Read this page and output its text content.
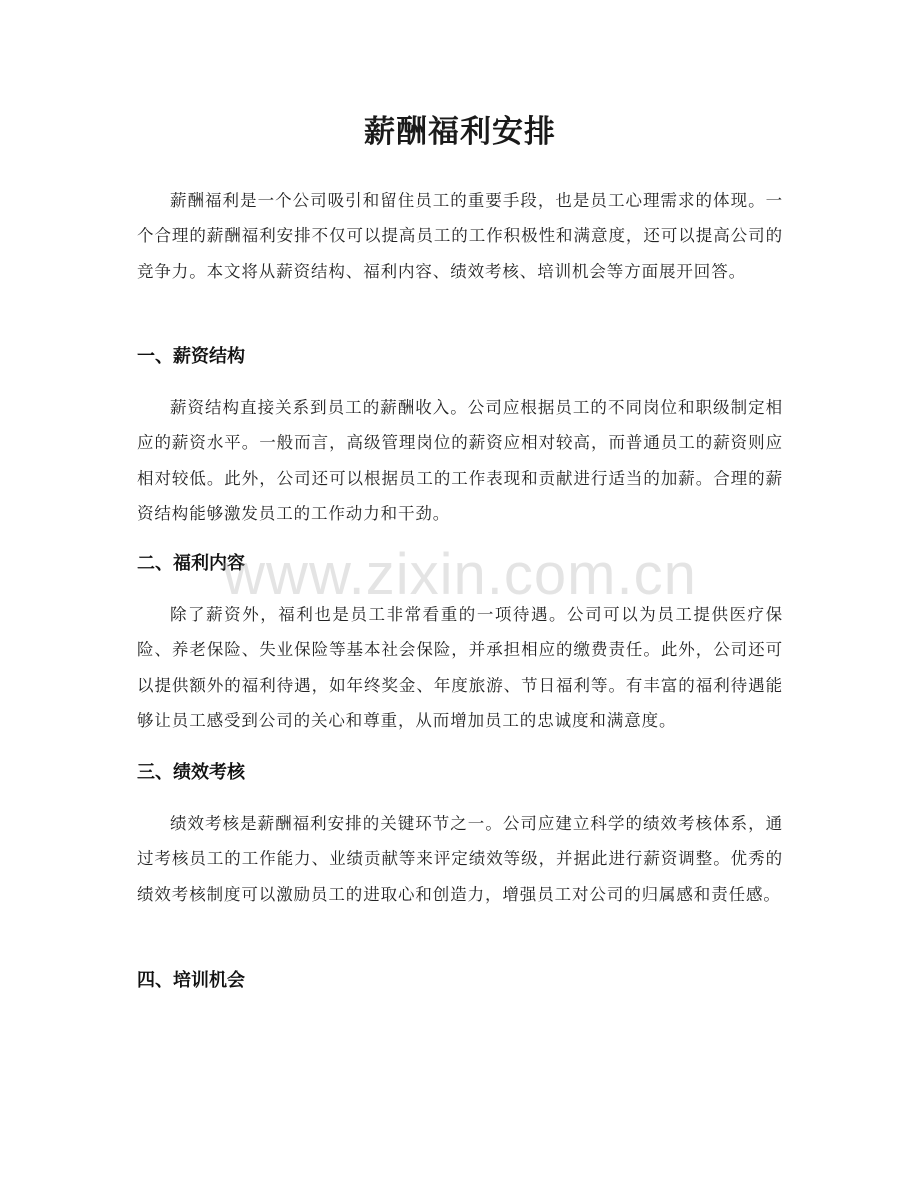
薪酬福利安排

薪酬福利是一个公司吸引和留住员工的重要手段，也是员工心理需求的体现。一个合理的薪酬福利安排不仅可以提高员工的工作积极性和满意度，还可以提高公司的竞争力。本文将从薪资结构、福利内容、绩效考核、培训机会等方面展开回答。

一、薪资结构

薪资结构直接关系到员工的薪酬收入。公司应根据员工的不同岗位和职级制定相应的薪资水平。一般而言，高级管理岗位的薪资应相对较高，而普通员工的薪资则应相对较低。此外，公司还可以根据员工的工作表现和贡献进行适当的加薪。合理的薪资结构能够激发员工的工作动力和干劲。

二、福利内容

除了薪资外，福利也是员工非常看重的一项待遇。公司可以为员工提供医疗保险、养老保险、失业保险等基本社会保险，并承担相应的缴费责任。此外，公司还可以提供额外的福利待遇，如年终奖金、年度旅游、节日福利等。有丰富的福利待遇能够让员工感受到公司的关心和尊重，从而增加员工的忠诚度和满意度。

三、绩效考核

绩效考核是薪酬福利安排的关键环节之一。公司应建立科学的绩效考核体系，通过考核员工的工作能力、业绩贡献等来评定绩效等级，并据此进行薪资调整。优秀的绩效考核制度可以激励员工的进取心和创造力，增强员工对公司的归属感和责任感。

四、培训机会
www.zixin.com.cn
